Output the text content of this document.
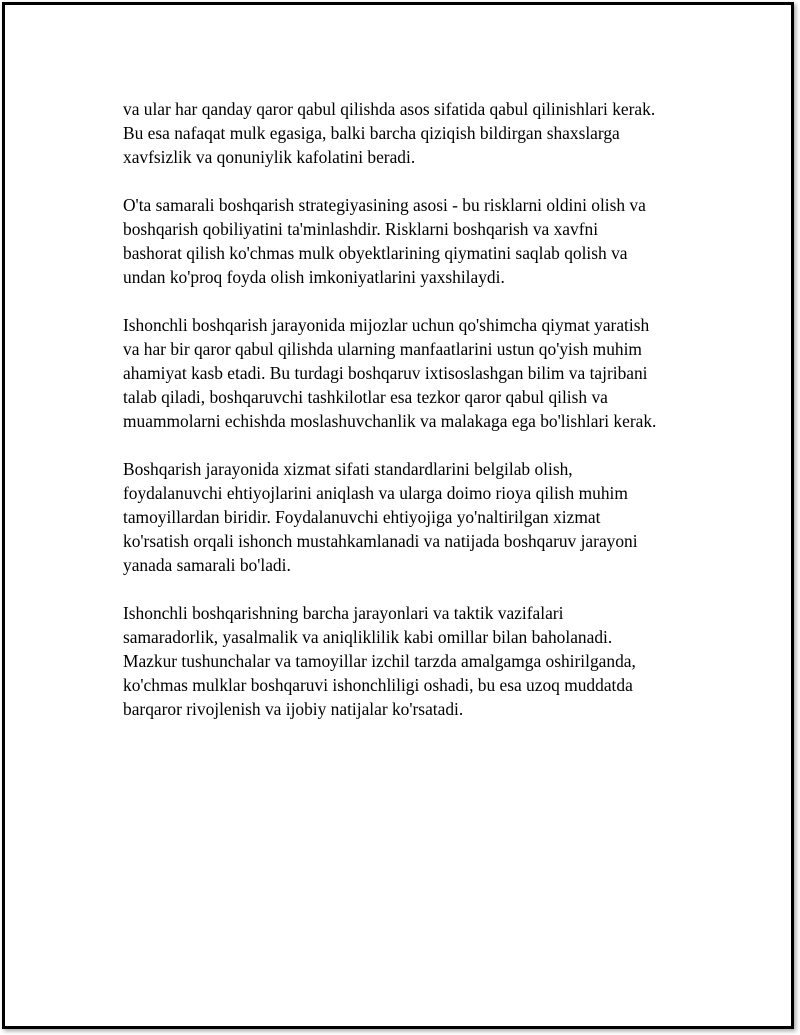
va ular har qanday qaror qabul qilishda asos sifatida qabul qilinishlari kerak.
Bu esa nafaqat mulk egasiga, balki barcha qiziqish bildirgan shaxslarga
xavfsizlik va qonuniylik kafolatini beradi.

O'ta samarali boshqarish strategiyasining asosi - bu risklarni oldini olish va
boshqarish qobiliyatini ta'minlashdir. Risklarni boshqarish va xavfni
bashorat qilish ko'chmas mulk obyektlarining qiymatini saqlab qolish va
undan ko'proq foyda olish imkoniyatlarini yaxshilaydi.

Ishonchli boshqarish jarayonida mijozlar uchun qo'shimcha qiymat yaratish
va har bir qaror qabul qilishda ularning manfaatlarini ustun qo'yish muhim
ahamiyat kasb etadi. Bu turdagi boshqaruv ixtisoslashgan bilim va tajribani
talab qiladi, boshqaruvchi tashkilotlar esa tezkor qaror qabul qilish va
muammolarni echishda moslashuvchanlik va malakaga ega bo'lishlari kerak.

Boshqarish jarayonida xizmat sifati standardlarini belgilab olish,
foydalanuvchi ehtiyojlarini aniqlash va ularga doimo rioya qilish muhim
tamoyillardan biridir. Foydalanuvchi ehtiyojiga yo'naltirilgan xizmat
ko'rsatish orqali ishonch mustahkamlanadi va natijada boshqaruv jarayoni
yanada samarali bo'ladi.

Ishonchli boshqarishning barcha jarayonlari va taktik vazifalari
samaradorlik, yasalmalik va aniqliklilik kabi omillar bilan baholanadi.
Mazkur tushunchalar va tamoyillar izchil tarzda amalgamga oshirilganda,
ko'chmas mulklar boshqaruvi ishonchliligi oshadi, bu esa uzoq muddatda
barqaror rivojlenish va ijobiy natijalar ko'rsatadi.
